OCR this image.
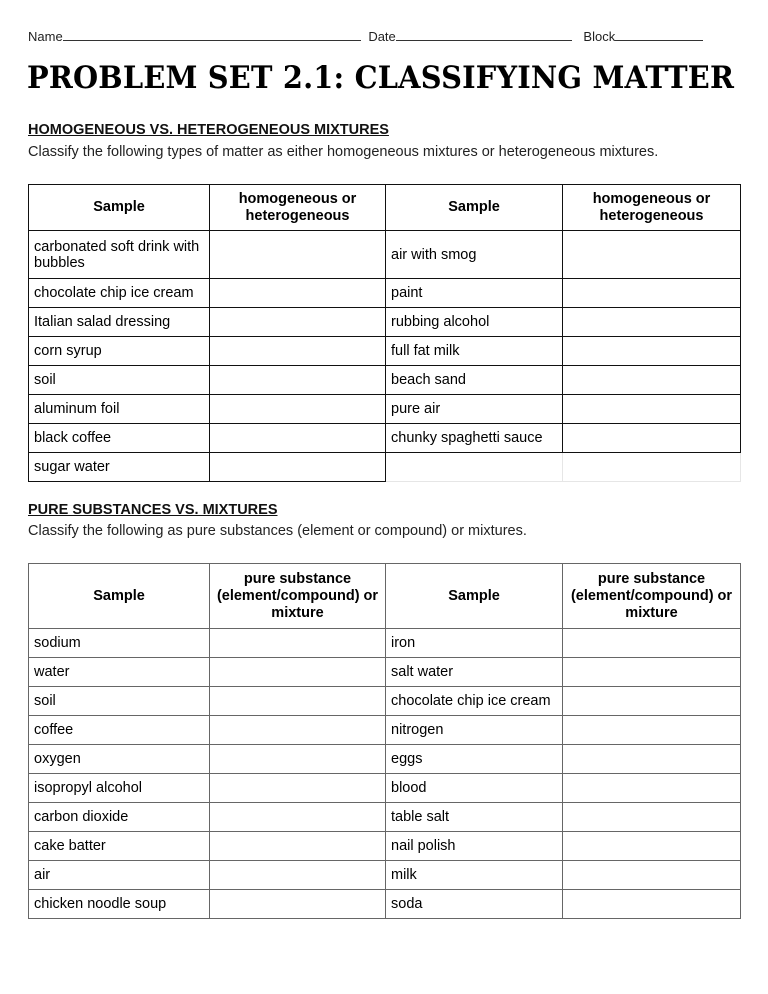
Name	Date	Block
PROBLEM SET 2.1: CLASSIFYING MATTER
HOMOGENEOUS VS. HETEROGENEOUS MIXTURES
Classify the following types of matter as either homogeneous mixtures or heterogeneous mixtures.
Sample	homogeneous or heterogeneous	Sample	homogeneous or heterogeneous
carbonated soft drink with bubbles		air with smog	
chocolate chip ice cream		paint	
Italian salad dressing		rubbing alcohol	
corn syrup		full fat milk	
soil		beach sand	
aluminum foil		pure air	
black coffee		chunky spaghetti sauce	
sugar water			
PURE SUBSTANCES VS. MIXTURES
Classify the following as pure substances (element or compound) or mixtures.
Sample	pure substance (element/compound) or mixture	Sample	pure substance (element/compound) or mixture
sodium		iron	
water		salt water	
soil		chocolate chip ice cream	
coffee		nitrogen	
oxygen		eggs	
isopropyl alcohol		blood	
carbon dioxide		table salt	
cake batter		nail polish	
air		milk	
chicken noodle soup		soda	
